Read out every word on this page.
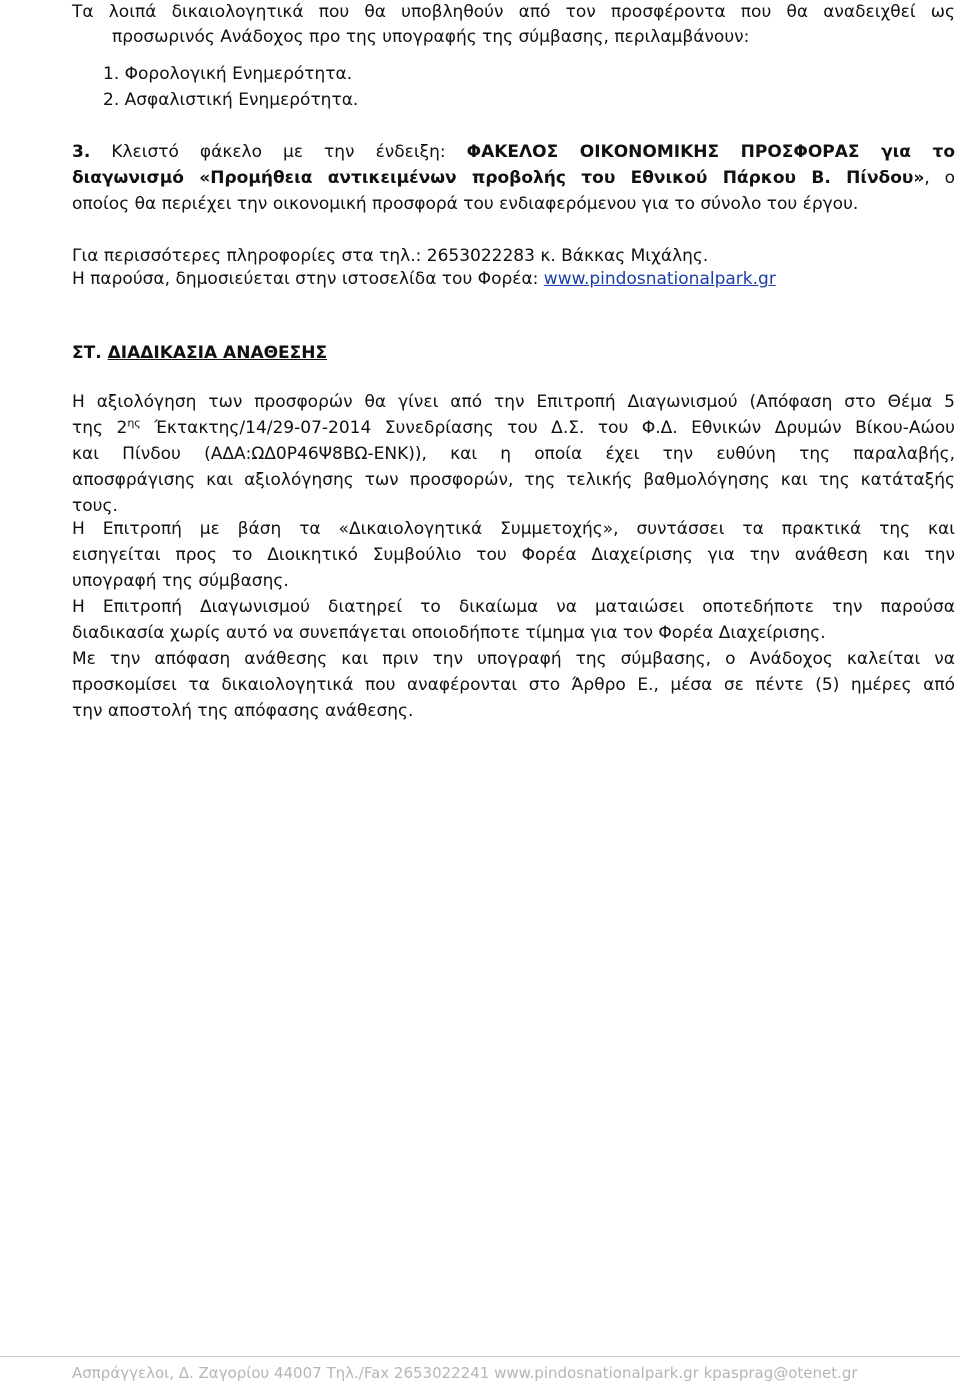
Τα λοιπά δικαιολογητικά που θα υποβληθούν από τον προσφέροντα που θα αναδειχθεί ως
προσωρινός Ανάδοχος προ της υπογραφής της σύμβασης, περιλαμβάνουν:
1. Φορολογική Ενημερότητα.
2. Ασφαλιστική Ενημερότητα.
3. Κλειστό φάκελο με την ένδειξη: ΦΑΚΕΛΟΣ ΟΙΚΟΝΟΜΙΚΗΣ ΠΡΟΣΦΟΡΑΣ για το
διαγωνισμό «Προμήθεια αντικειμένων προβολής του Εθνικού Πάρκου Β. Πίνδου», ο
οποίος θα περιέχει την οικονομική προσφορά του ενδιαφερόμενου για το σύνολο του έργου.
Για περισσότερες πληροφορίες στα τηλ.: 2653022283 κ. Βάκκας Μιχάλης.
Η παρούσα, δημοσιεύεται στην ιστοσελίδα του Φορέα: www.pindosnationalpark.gr
ΣΤ. ΔΙΑΔΙΚΑΣΙΑ ΑΝΑΘΕΣΗΣ
Η αξιολόγηση των προσφορών θα γίνει από την Επιτροπή Διαγωνισμού (Απόφαση στο Θέμα 5
της $2^{\eta\varsigma}$ Έκτακτης/14/29-07-2014 Συνεδρίασης του Δ.Σ. του Φ.Δ. Εθνικών Δρυμών Βίκου-Αώου
και Πίνδου (ΑΔΑ:ΩΔ0Ρ46Ψ8ΒΩ-ΕΝΚ)), και η οποία έχει την ευθύνη της παραλαβής,
αποσφράγισης και αξιολόγησης των προσφορών, της τελικής βαθμολόγησης και της κατάταξής
τους.
Η Επιτροπή με βάση τα «Δικαιολογητικά Συμμετοχής», συντάσσει τα πρακτικά της και
εισηγείται προς το Διοικητικό Συμβούλιο του Φορέα Διαχείρισης για την ανάθεση και την
υπογραφή της σύμβασης.
Η Επιτροπή Διαγωνισμού διατηρεί το δικαίωμα να ματαιώσει οποτεδήποτε την παρούσα
διαδικασία χωρίς αυτό να συνεπάγεται οποιοδήποτε τίμημα για τον Φορέα Διαχείρισης.
Με την απόφαση ανάθεσης και πριν την υπογραφή της σύμβασης, ο Ανάδοχος καλείται να
προσκομίσει τα δικαιολογητικά που αναφέρονται στο Άρθρο Ε., μέσα σε πέντε (5) ημέρες από
την αποστολή της απόφασης ανάθεσης.
Ασπράγγελοι, Δ. Ζαγορίου 44007 Τηλ./Fax 2653022241 www.pindosnationalpark.gr kpasprag@otenet.gr
